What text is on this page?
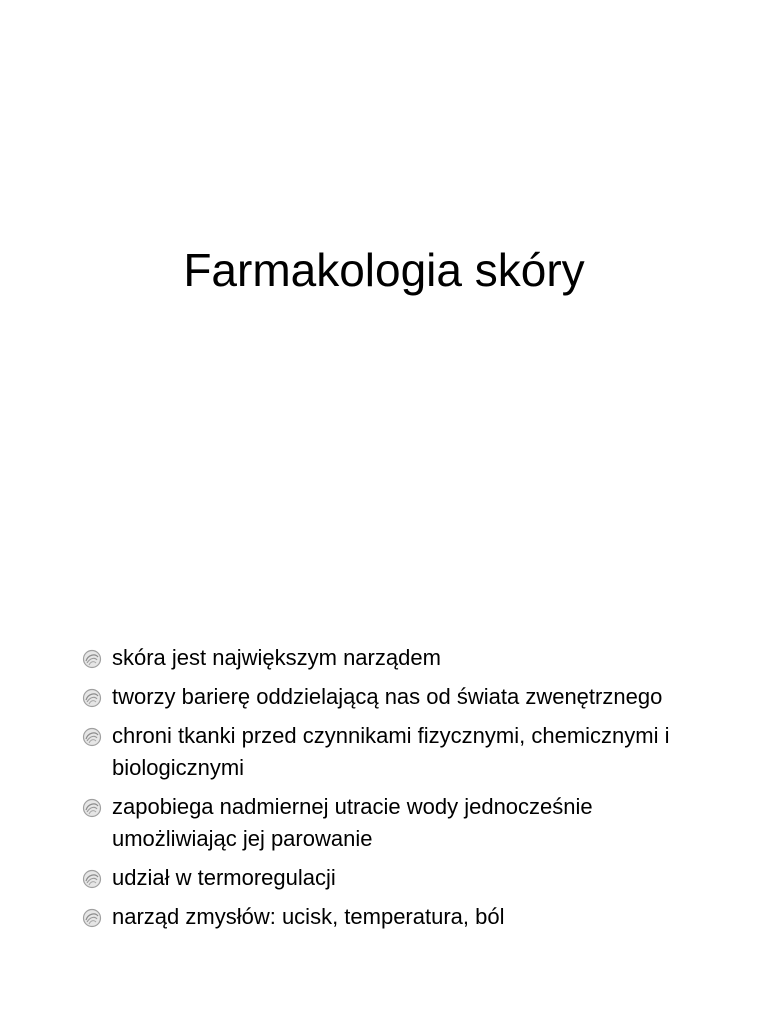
Farmakologia skóry
skóra jest największym narządem
tworzy barierę oddzielającą nas od świata zwenętrznego
chroni tkanki przed czynnikami fizycznymi, chemicznymi i biologicznymi
zapobiega nadmiernej utracie wody jednocześnie umożliwiając jej parowanie
udział w termoregulacji
narząd zmysłów: ucisk, temperatura, ból
